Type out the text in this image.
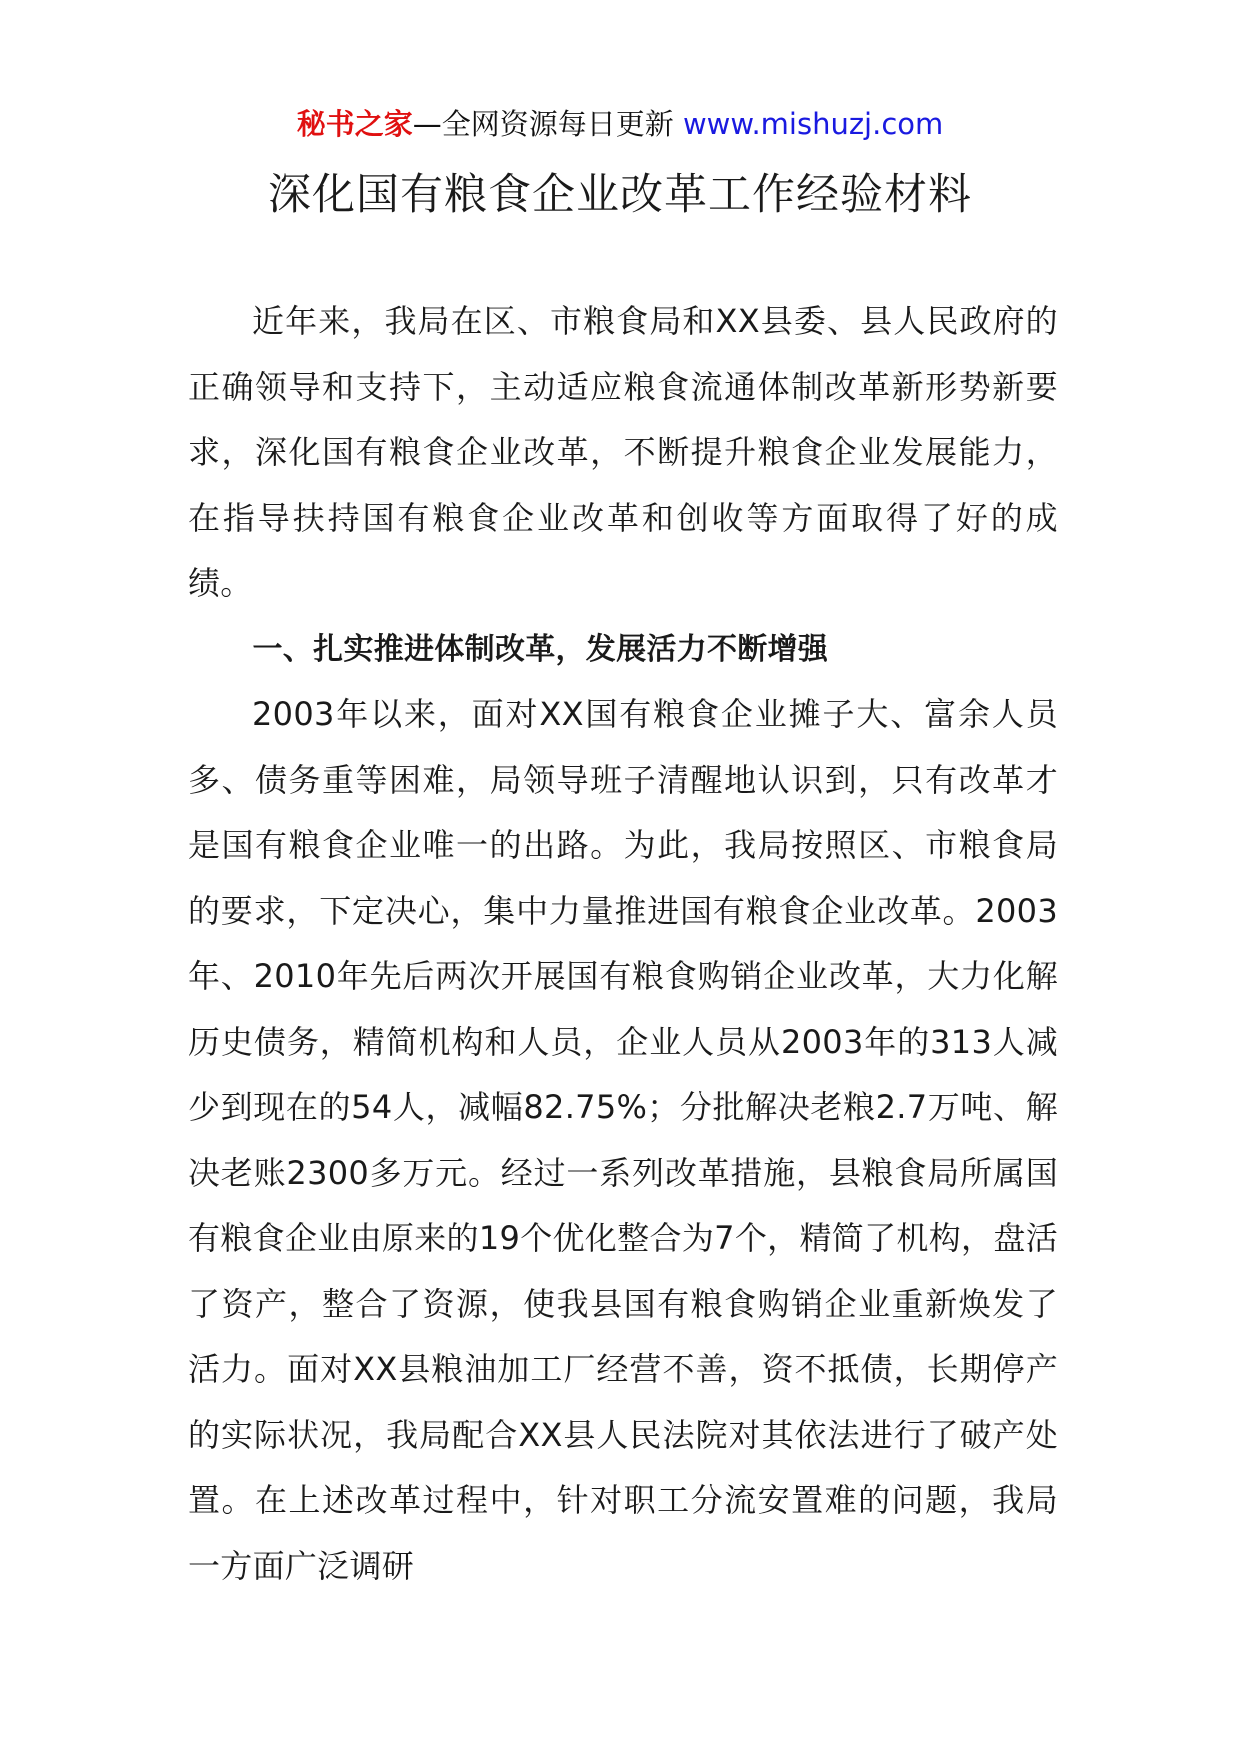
秘书之家—全网资源每日更新 www.mishuzj.com
深化国有粮食企业改革工作经验材料

近年来，我局在区、市粮食局和XX县委、县人民政府的正确领导和支持下，主动适应粮食流通体制改革新形势新要求，深化国有粮食企业改革，不断提升粮食企业发展能力，在指导扶持国有粮食企业改革和创收等方面取得了好的成绩。

一、扎实推进体制改革，发展活力不断增强

2003年以来，面对XX国有粮食企业摊子大、富余人员多、债务重等困难，局领导班子清醒地认识到，只有改革才是国有粮食企业唯一的出路。为此，我局按照区、市粮食局的要求，下定决心，集中力量推进国有粮食企业改革。2003年、2010年先后两次开展国有粮食购销企业改革，大力化解历史债务，精简机构和人员，企业人员从2003年的313人减少到现在的54人，减幅82.75%；分批解决老粮2.7万吨、解决老账2300多万元。经过一系列改革措施，县粮食局所属国有粮食企业由原来的19个优化整合为7个，精简了机构，盘活了资产，整合了资源，使我县国有粮食购销企业重新焕发了活力。面对XX县粮油加工厂经营不善，资不抵债，长期停产的实际状况，我局配合XX县人民法院对其依法进行了破产处置。在上述改革过程中，针对职工分流安置难的问题，我局一方面广泛调研
